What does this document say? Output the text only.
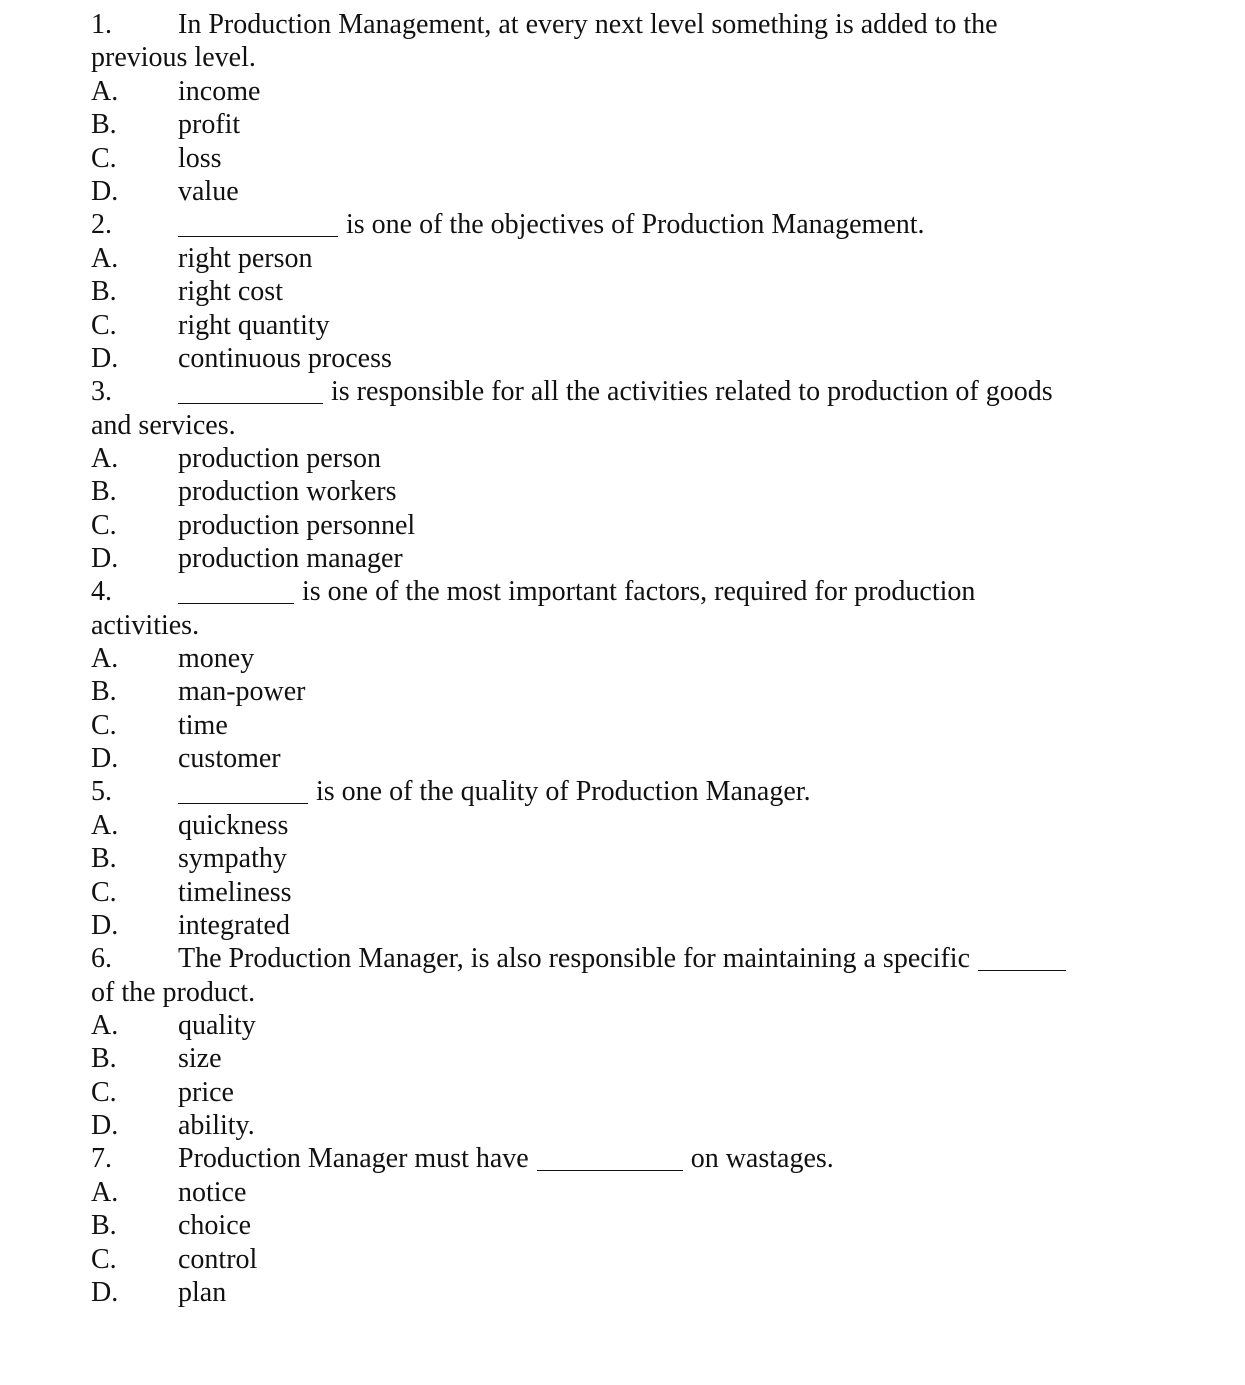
1. In Production Management, at every next level something is added to the
previous level.
A. income
B. profit
C. loss
D. value
2.	is one of the objectives of Production Management.
A. right person
B. right cost
C. right quantity
D. continuous process
3.	is responsible for all the activities related to production of goods
and services.
A. production person
B. production workers
C. production personnel
D. production manager
4.	is one of the most important factors, required for production
activities.
A. money
B. man-power
C. time
D. customer
5.	is one of the quality of Production Manager.
A. quickness
B. sympathy
C. timeliness
D. integrated
6. The Production Manager, is also responsible for maintaining a specific
of the product.
A. quality
B. size
C. price
D. ability.
7. Production Manager must have	on wastages.
A. notice
B. choice
C. control
D. plan
